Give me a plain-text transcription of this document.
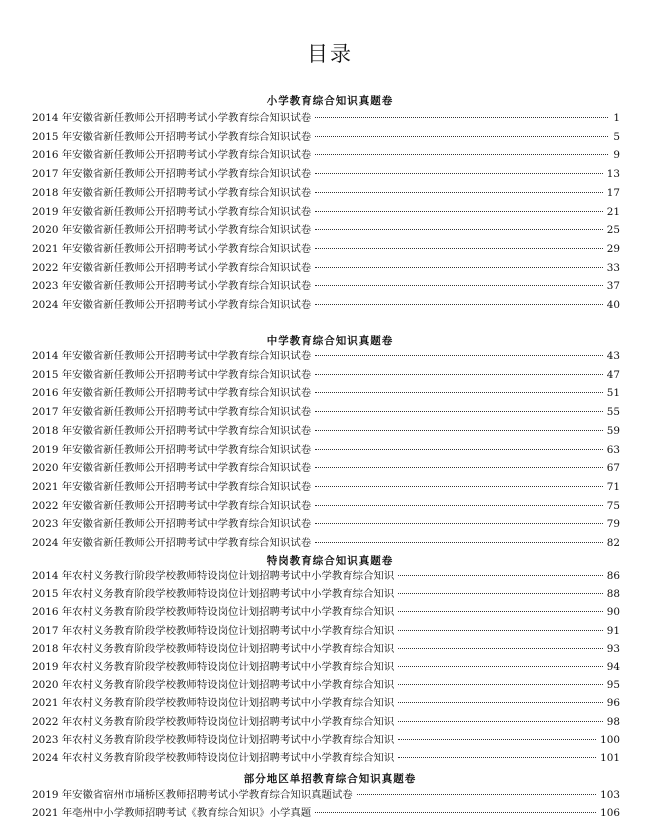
目录
小学教育综合知识真题卷
2014 年安徽省新任教师公开招聘考试小学教育综合知识试卷	1
2015 年安徽省新任教师公开招聘考试小学教育综合知识试卷	5
2016 年安徽省新任教师公开招聘考试小学教育综合知识试卷	9
2017 年安徽省新任教师公开招聘考试小学教育综合知识试卷	13
2018 年安徽省新任教师公开招聘考试小学教育综合知识试卷	17
2019 年安徽省新任教师公开招聘考试小学教育综合知识试卷	21
2020 年安徽省新任教师公开招聘考试小学教育综合知识试卷	25
2021 年安徽省新任教师公开招聘考试小学教育综合知识试卷	29
2022 年安徽省新任教师公开招聘考试小学教育综合知识试卷	33
2023 年安徽省新任教师公开招聘考试小学教育综合知识试卷	37
2024 年安徽省新任教师公开招聘考试小学教育综合知识试卷	40
中学教育综合知识真题卷
2014 年安徽省新任教师公开招聘考试中学教育综合知识试卷	43
2015 年安徽省新任教师公开招聘考试中学教育综合知识试卷	47
2016 年安徽省新任教师公开招聘考试中学教育综合知识试卷	51
2017 年安徽省新任教师公开招聘考试中学教育综合知识试卷	55
2018 年安徽省新任教师公开招聘考试中学教育综合知识试卷	59
2019 年安徽省新任教师公开招聘考试中学教育综合知识试卷	63
2020 年安徽省新任教师公开招聘考试中学教育综合知识试卷	67
2021 年安徽省新任教师公开招聘考试中学教育综合知识试卷	71
2022 年安徽省新任教师公开招聘考试中学教育综合知识试卷	75
2023 年安徽省新任教师公开招聘考试中学教育综合知识试卷	79
2024 年安徽省新任教师公开招聘考试中学教育综合知识试卷	82
特岗教育综合知识真题卷
2014 年农村义务教行阶段学校教师特设岗位计划招聘考试中小学教育综合知识	86
2015 年农村义务教育阶段学校教师特设岗位计划招聘考试中小学教育综合知识	88
2016 年农村义务教育阶段学校教师特设岗位计划招聘考试中小学教育综合知识	90
2017 年农村义务教育阶段学校教师特设岗位计划招聘考试中小学教育综合知识	91
2018 年农村义务教育阶段学校教师特设岗位计划招聘考试中小学教育综合知识	93
2019 年农村义务教育阶段学校教师特设岗位计划招聘考试中小学教育综合知识	94
2020 年农村义务教育阶段学校教师特设岗位计划招聘考试中小学教育综合知识	95
2021 年农村义务教育阶段学校教师特设岗位计划招聘考试中小学教育综合知识	96
2022 年农村义务教育阶段学校教师特设岗位计划招聘考试中小学教育综合知识	98
2023 年农村义务教育阶段学校教师特设岗位计划招聘考试中小学教育综合知识	100
2024 年农村义务教育阶段学校教师特设岗位计划招聘考试中小学教育综合知识	101
部分地区单招教育综合知识真题卷
2019 年安徽省宿州市埇桥区教师招聘考试小学教育综合知识真题试卷	103
2021 年亳州中小学教师招聘考试《教育综合知识》小学真题	106
